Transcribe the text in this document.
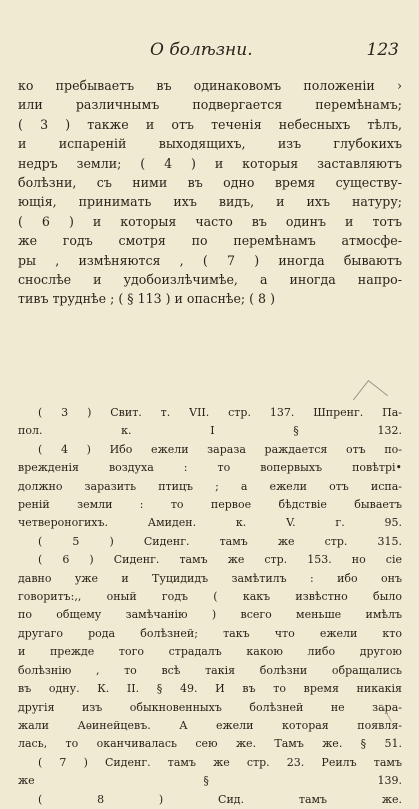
О болѣзни.	123
ко пребываетъ въ одинаковомъ положеніи ›
или различнымъ подвергается перемѣнамъ;
( 3 ) также и отъ теченія небесныхъ тѣлъ,
и испареній выходящихъ, изъ глубокихъ
недръ земли; ( 4 ) и которыя заставляютъ
болѣзни, съ ними въ одно время существу-
ющія, принимать ихъ видъ, и ихъ натуру;
( 6 ) и которыя часто въ одинъ и тотъ
же годъ смотря по перемѣнамъ атмосфе-
ры , измѣняются , ( 7 ) иногда бываютъ
снослѣе и удобоизлѣчимѣе, а иногда напро-
тивъ труднѣе ; ( § 113 ) и опаснѣе; ( 8 )
( 3 ) Свит. т. VII. стр. 137. Шпренг. Па-
пол. к. I § 132.
( 4 ) Ибо ежели зараза раждается отъ по-
врежденія воздуха : то вопервыхъ повѣтрі•
должно заразить птицъ ; а ежели отъ испа-
реній земли : то первое бѣдствіе бываетъ
четвероногихъ. Амиден. к. V. г. 95.
( 5 ) Сиденг. тамъ же стр. 315.
( 6 ) Сиденг. тамъ же стр. 153. но сіе
давно уже и Туцидидъ замѣтилъ : ибо онъ
говоритъ:,, оный годъ ( какъ извѣстно было
по общему замѣчанію ) всего меньше имѣлъ
другаго рода болѣзней; такъ что ежели кто
и прежде того страдалъ какою либо другою
болѣзнію , то всѣ такія болѣзни обращались
въ одну. К. II. § 49. И въ то время никакія
другія изъ обыкновенныхъ болѣзней не зара-
жали Аѳинейцевъ. А ежели которая появля-
лась, то оканчивалась сею же. Тамъ же. § 51.
( 7 ) Сиденг. тамъ же стр. 23. Реилъ тамъ
же § 139.
( 8 ) Сид. тамъ же.
